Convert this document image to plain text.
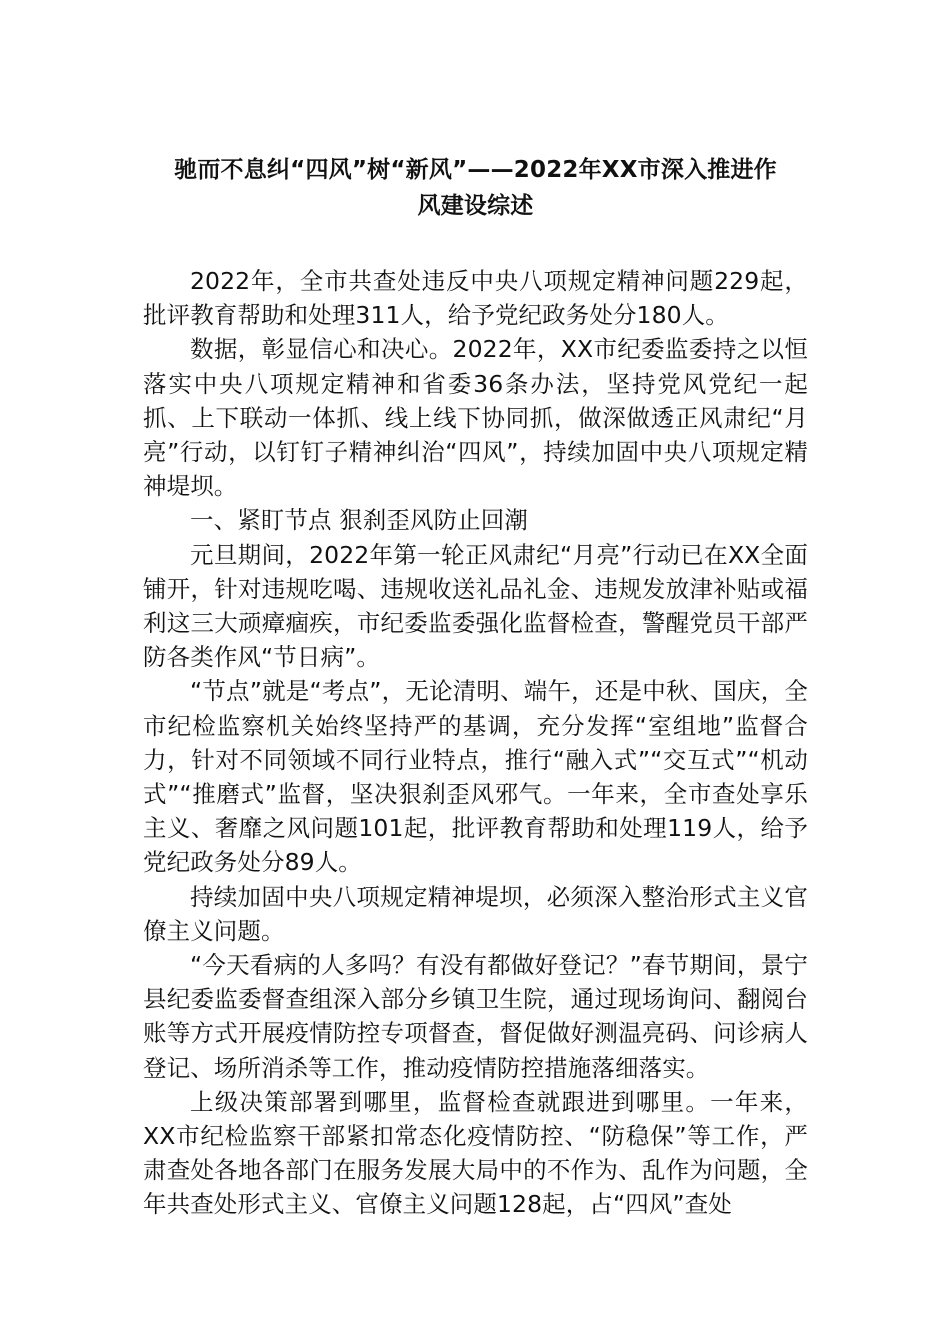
驰而不息纠“四风”树“新风”——2022年XX市深入推进作
风建设综述

2022年，全市共查处违反中央八项规定精神问题229起，批评教育帮助和处理311人，给予党纪政务处分180人。

数据，彰显信心和决心。2022年，XX市纪委监委持之以恒落实中央八项规定精神和省委36条办法，坚持党风党纪一起抓、上下联动一体抓、线上线下协同抓，做深做透正风肃纪“月亮”行动，以钉钉子精神纠治“四风”，持续加固中央八项规定精神堤坝。

一、紧盯节点 狠刹歪风防止回潮

元旦期间，2022年第一轮正风肃纪“月亮”行动已在XX全面铺开，针对违规吃喝、违规收送礼品礼金、违规发放津补贴或福利这三大顽瘴痼疾，市纪委监委强化监督检查，警醒党员干部严防各类作风“节日病”。

“节点”就是“考点”，无论清明、端午，还是中秋、国庆，全市纪检监察机关始终坚持严的基调，充分发挥“室组地”监督合力，针对不同领域不同行业特点，推行“融入式”“交互式”“机动式”“推磨式”监督，坚决狠刹歪风邪气。一年来，全市查处享乐主义、奢靡之风问题101起，批评教育帮助和处理119人，给予党纪政务处分89人。

持续加固中央八项规定精神堤坝，必须深入整治形式主义官僚主义问题。

“今天看病的人多吗？有没有都做好登记？”春节期间，景宁县纪委监委督查组深入部分乡镇卫生院，通过现场询问、翻阅台账等方式开展疫情防控专项督查，督促做好测温亮码、问诊病人登记、场所消杀等工作，推动疫情防控措施落细落实。

上级决策部署到哪里，监督检查就跟进到哪里。一年来，XX市纪检监察干部紧扣常态化疫情防控、“防稳保”等工作，严肃查处各地各部门在服务发展大局中的不作为、乱作为问题，全年共查处形式主义、官僚主义问题128起，占“四风”查处
